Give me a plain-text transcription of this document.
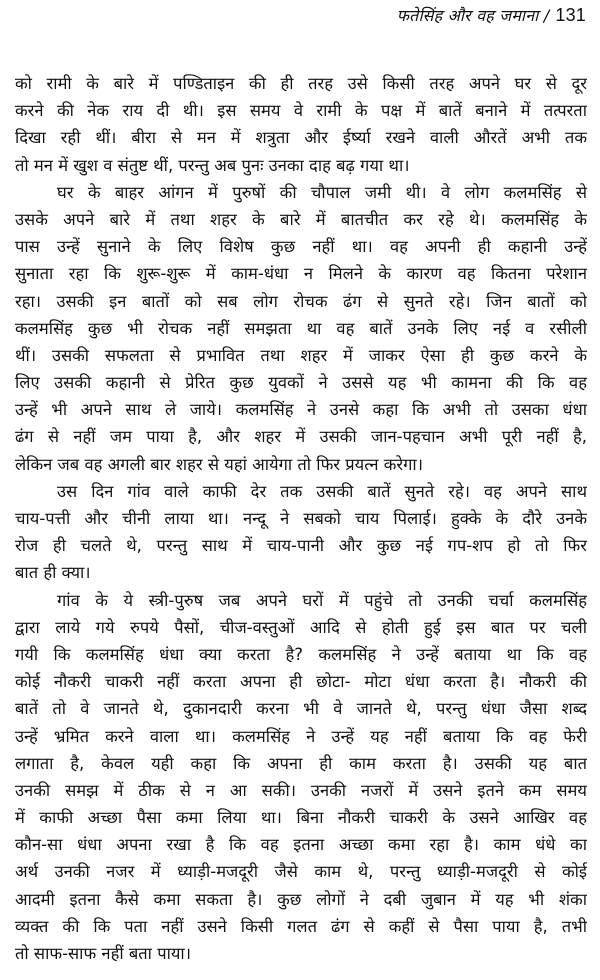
फतेसिंह और वह जमाना / 131
को रामी के बारे में पण्डिताइन की ही तरह उसे किसी तरह अपने घर से दूर
करने की नेक राय दी थी। इस समय वे रामी के पक्ष में बातें बनाने में तत्परता
दिखा रही थीं। बीरा से मन में शत्रुता और ईर्ष्या रखने वाली औरतें अभी तक
तो मन में खुश व संतुष्ट थीं, परन्तु अब पुनः उनका दाह बढ़ गया था।
घर के बाहर आंगन में पुरुषों की चौपाल जमी थी। वे लोग कलमसिंह से
उसके अपने बारे में तथा शहर के बारे में बातचीत कर रहे थे। कलमसिंह के
पास उन्हें सुनाने के लिए विशेष कुछ नहीं था। वह अपनी ही कहानी उन्हें
सुनाता रहा कि शुरू-शुरू में काम-धंधा न मिलने के कारण वह कितना परेशान
रहा। उसकी इन बातों को सब लोग रोचक ढंग से सुनते रहे। जिन बातों को
कलमसिंह कुछ भी रोचक नहीं समझता था वह बातें उनके लिए नई व रसीली
थीं। उसकी सफलता से प्रभावित तथा शहर में जाकर ऐसा ही कुछ करने के
लिए उसकी कहानी से प्रेरित कुछ युवकों ने उससे यह भी कामना की कि वह
उन्हें भी अपने साथ ले जाये। कलमसिंह ने उनसे कहा कि अभी तो उसका धंधा
ढंग से नहीं जम पाया है, और शहर में उसकी जान-पहचान अभी पूरी नहीं है,
लेकिन जब वह अगली बार शहर से यहां आयेगा तो फिर प्रयत्न करेगा।
उस दिन गांव वाले काफी देर तक उसकी बातें सुनते रहे। वह अपने साथ
चाय-पत्ती और चीनी लाया था। नन्दू ने सबको चाय पिलाई। हुक्के के दौरे उनके
रोज ही चलते थे, परन्तु साथ में चाय-पानी और कुछ नई गप-शप हो तो फिर
बात ही क्या।
गांव के ये स्त्री-पुरुष जब अपने घरों में पहुंचे तो उनकी चर्चा कलमसिंह
द्वारा लाये गये रुपये पैसों, चीज-वस्तुओं आदि से होती हुई इस बात पर चली
गयी कि कलमसिंह धंधा क्या करता है? कलमसिंह ने उन्हें बताया था कि वह
कोई नौकरी चाकरी नहीं करता अपना ही छोटा- मोटा धंधा करता है। नौकरी की
बातें तो वे जानते थे, दुकानदारी करना भी वे जानते थे, परन्तु धंधा जैसा शब्द
उन्हें भ्रमित करने वाला था। कलमसिंह ने उन्हें यह नहीं बताया कि वह फेरी
लगाता है, केवल यही कहा कि अपना ही काम करता है। उसकी यह बात
उनकी समझ में ठीक से न आ सकी। उनकी नजरों में उसने इतने कम समय
में काफी अच्छा पैसा कमा लिया था। बिना नौकरी चाकरी के उसने आखिर वह
कौन-सा धंधा अपना रखा है कि वह इतना अच्छा कमा रहा है। काम धंधे का
अर्थ उनकी नजर में ध्याड़ी-मजदूरी जैसे काम थे, परन्तु ध्याड़ी-मजदूरी से कोई
आदमी इतना कैसे कमा सकता है। कुछ लोगों ने दबी जुबान में यह भी शंका
व्यक्त की कि पता नहीं उसने किसी गलत ढंग से कहीं से पैसा पाया है, तभी
तो साफ-साफ नहीं बता पाया।
